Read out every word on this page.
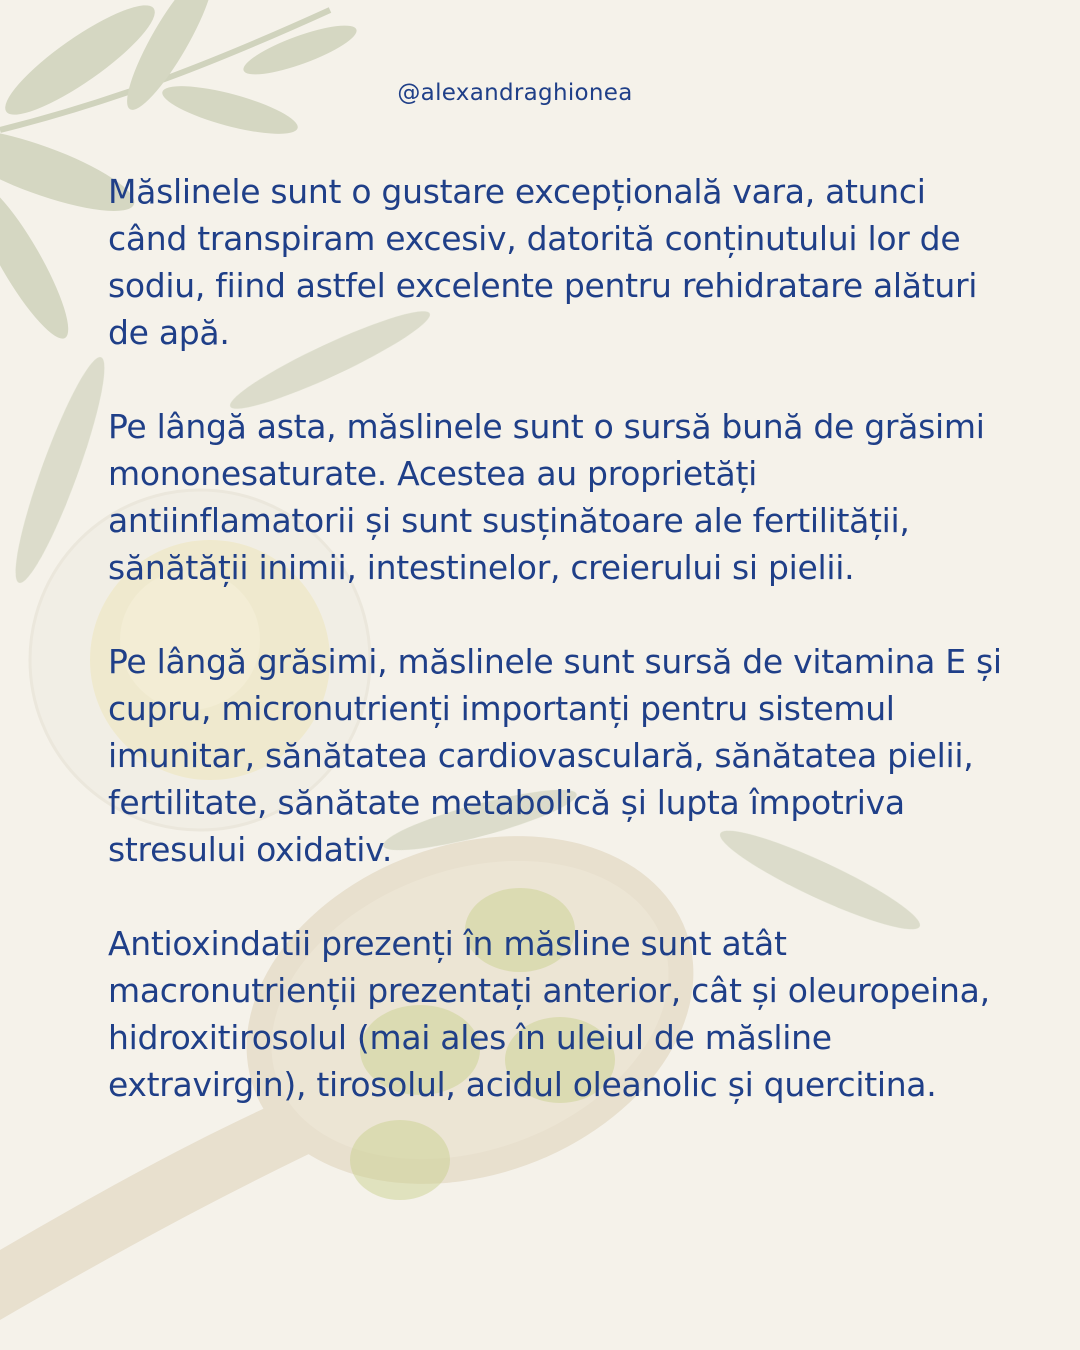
@alexandraghionea

Măslinele sunt o gustare excepțională vara, atunci când transpiram excesiv, datorită conținutului lor de sodiu, fiind astfel excelente pentru rehidratare alături de apă.

Pe lângă asta, măslinele sunt o sursă bună de grăsimi mononesaturate. Acestea au proprietăți antiinflamatorii și sunt susținătoare ale fertilității, sănătății inimii, intestinelor, creierului si pielii.

Pe lângă grăsimi, măslinele sunt sursă de vitamina E și cupru, micronutrienți importanți pentru sistemul imunitar, sănătatea cardiovasculară, sănătatea pielii, fertilitate, sănătate metabolică și lupta împotriva stresului oxidativ.

Antioxindatii prezenți în măsline sunt atât macronutrienții prezentați anterior, cât și oleuropeina, hidroxitirosolul (mai ales în uleiul de măsline extravirgin), tirosolul, acidul oleanolic și quercitina.
